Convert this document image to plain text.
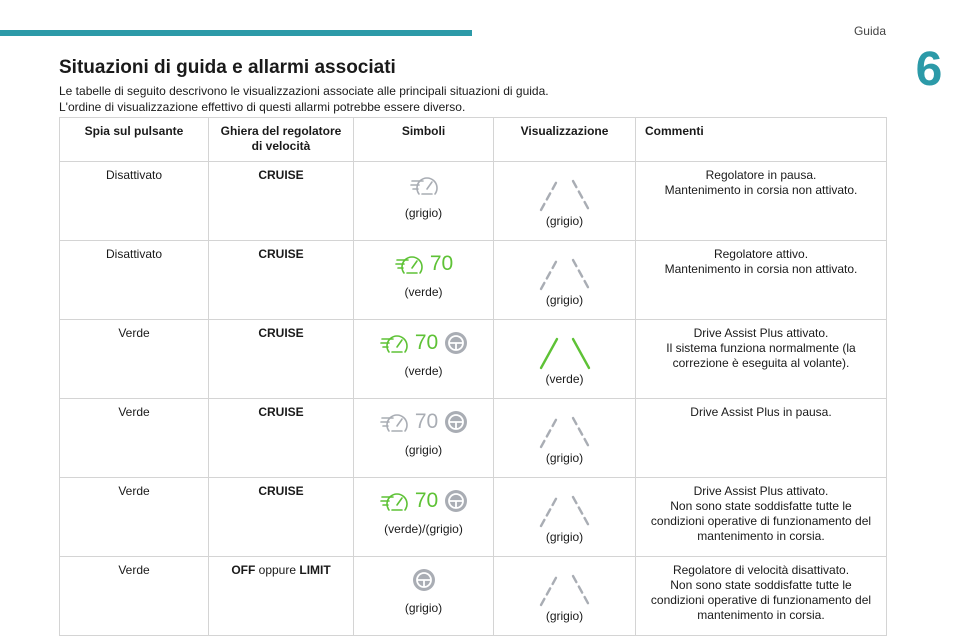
Guida
6
Situazioni di guida e allarmi associati
Le tabelle di seguito descrivono le visualizzazioni associate alle principali situazioni di guida.
L'ordine di visualizzazione effettivo di questi allarmi potrebbe essere diverso.
Spia sul pulsante	Ghiera del regolatore
di velocità	Simboli	Visualizzazione	Commenti
Disattivato	CRUISE	(grigio)	(grigio)	Regolatore in pausa.
Mantenimento in corsia non attivato.

Disattivato	CRUISE	70
(verde)	(grigio)	Regolatore attivo.
Mantenimento in corsia non attivato.

Verde	CRUISE	70
(verde)	(verde)	Drive Assist Plus attivato.
Il sistema funziona normalmente (la
correzione è eseguita al volante).

Verde	CRUISE	70
(grigio)	(grigio)	Drive Assist Plus in pausa.

Verde	CRUISE	70
(verde)/(grigio)	(grigio)	Drive Assist Plus attivato.
Non sono state soddisfatte tutte le
condizioni operative di funzionamento del
mantenimento in corsia.

Verde	OFF oppure LIMIT	(grigio)	(grigio)	Regolatore di velocità disattivato.
Non sono state soddisfatte tutte le
condizioni operative di funzionamento del
mantenimento in corsia.
